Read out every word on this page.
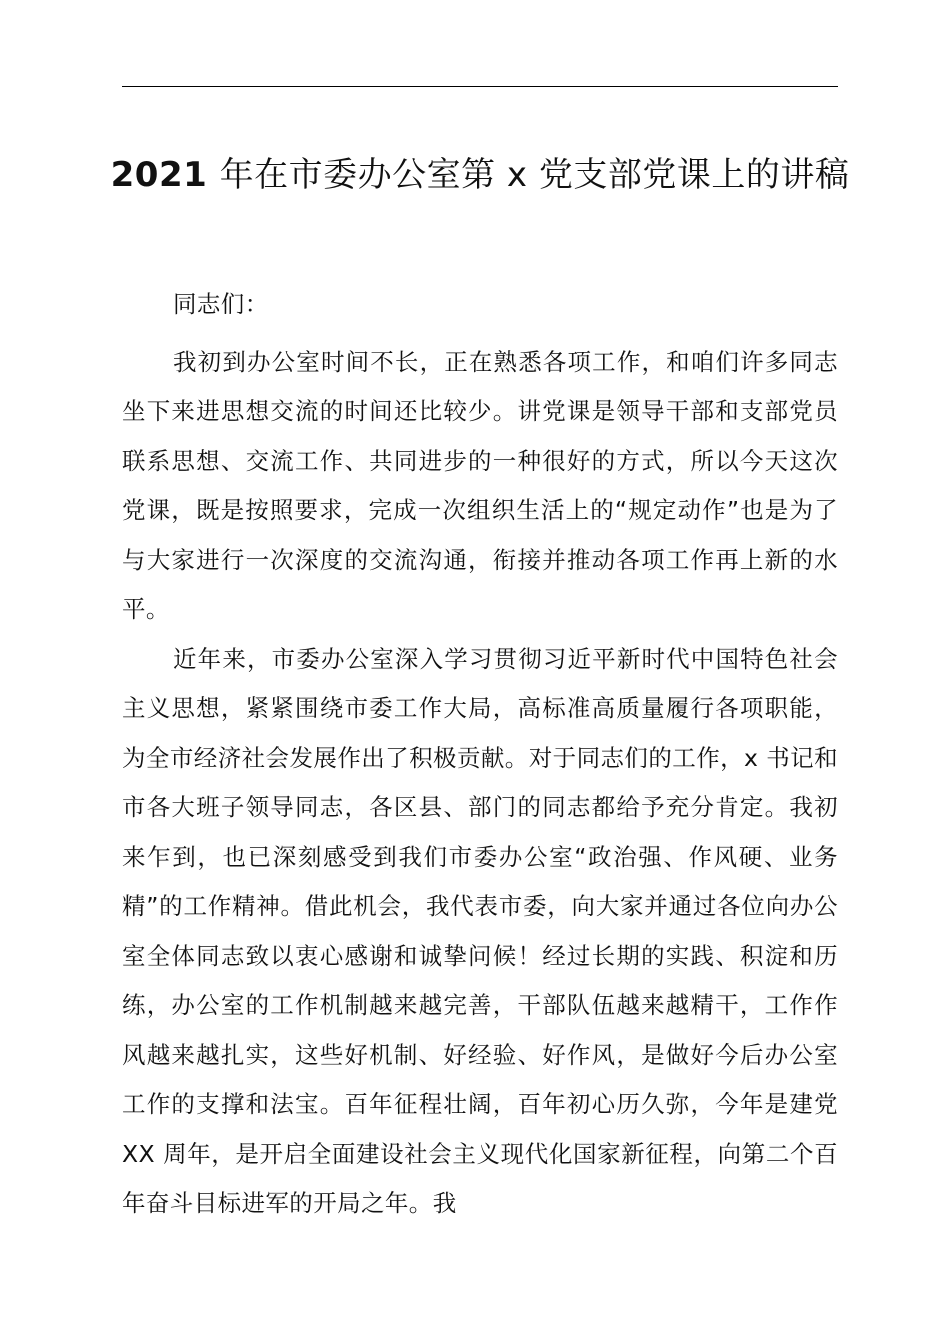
2021 年在市委办公室第 x 党支部党课上的讲稿

同志们：

我初到办公室时间不长，正在熟悉各项工作，和咱们许多同志坐下来进思想交流的时间还比较少。讲党课是领导干部和支部党员联系思想、交流工作、共同进步的一种很好的方式，所以今天这次党课，既是按照要求，完成一次组织生活上的“规定动作”也是为了与大家进行一次深度的交流沟通，衔接并推动各项工作再上新的水平。

近年来，市委办公室深入学习贯彻习近平新时代中国特色社会主义思想，紧紧围绕市委工作大局，高标准高质量履行各项职能，为全市经济社会发展作出了积极贡献。对于同志们的工作，x 书记和市各大班子领导同志，各区县、部门的同志都给予充分肯定。我初来乍到，也已深刻感受到我们市委办公室“政治强、作风硬、业务精”的工作精神。借此机会，我代表市委，向大家并通过各位向办公室全体同志致以衷心感谢和诚挚问候！经过长期的实践、积淀和历练，办公室的工作机制越来越完善，干部队伍越来越精干，工作作风越来越扎实，这些好机制、好经验、好作风，是做好今后办公室工作的支撑和法宝。百年征程壮阔，百年初心历久弥，今年是建党 XX 周年，是开启全面建设社会主义现代化国家新征程，向第二个百年奋斗目标进军的开局之年。我
